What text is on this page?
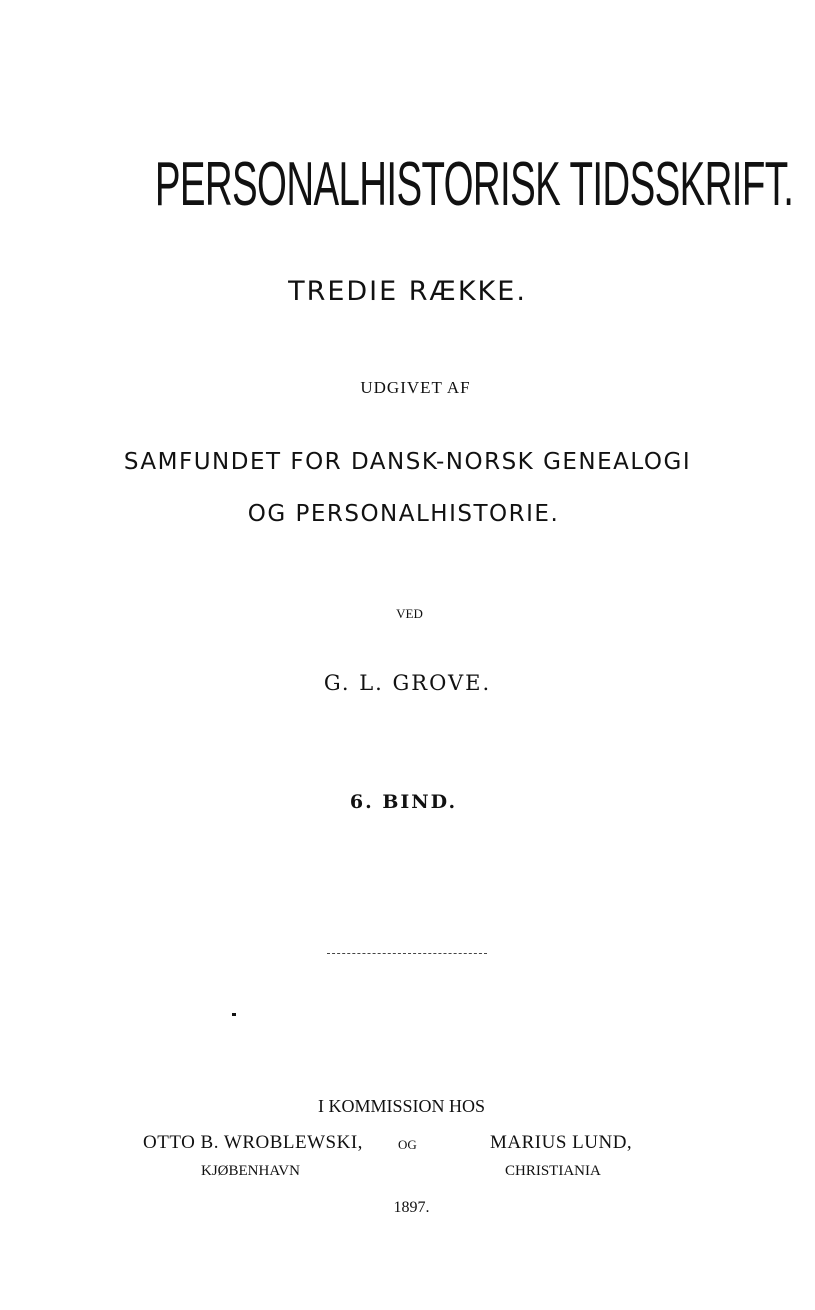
PERSONALHISTORISK TIDSSKRIFT.
TREDIE RÆKKE.
UDGIVET AF
SAMFUNDET FOR DANSK-NORSK GENEALOGI
OG PERSONALHISTORIE.
VED
G. L. GROVE.
6. BIND.
I KOMMISSION HOS
OTTO B. WROBLEWSKI,	OG	MARIUS LUND,
KJØBENHAVN	CHRISTIANIA
1897.
